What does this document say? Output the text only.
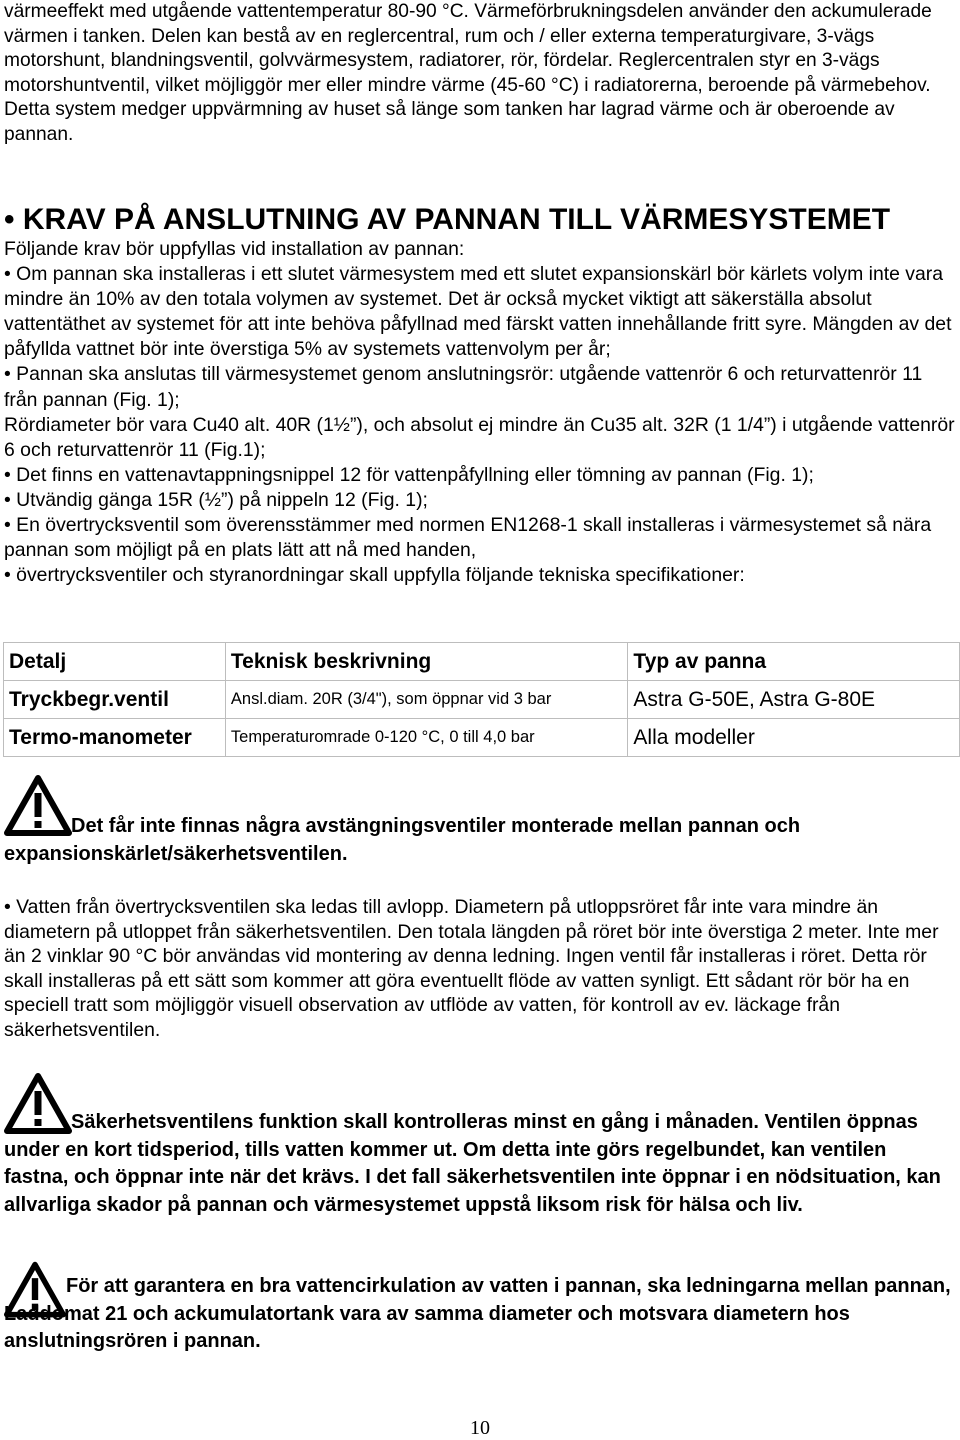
värmeeffekt med utgående vattentemperatur 80-90 °C. Värmeförbrukningsdelen använder den ackumulerade värmen i tanken. Delen kan bestå av en reglercentral, rum och / eller externa temperaturgivare, 3-vägs motorshunt, blandningsventil, golvvärmesystem, radiatorer, rör, fördelar. Reglercentralen styr en 3-vägs motorshuntventil, vilket möjliggör mer eller mindre värme (45-60 °C) i radiatorerna, beroende på värmebehov.

Detta system medger uppvärmning av huset så länge som tanken har lagrad värme och är oberoende av pannan.

• KRAV PÅ ANSLUTNING AV PANNAN TILL VÄRMESYSTEMET

Följande krav bör uppfyllas vid installation av pannan:

• Om pannan ska installeras i ett slutet värmesystem med ett slutet expansionskärl bör kärlets volym inte vara mindre än 10% av den totala volymen av systemet. Det är också mycket viktigt att säkerställa absolut vattentäthet av systemet för att inte behöva påfyllnad med färskt vatten innehållande fritt syre. Mängden av det påfyllda vattnet bör inte överstiga 5% av systemets vattenvolym per år;

• Pannan ska anslutas till värmesystemet genom anslutningsrör: utgående vattenrör 6 och returvattenrör 11 från pannan (Fig. 1);

Rördiameter bör vara Cu40 alt. 40R (1½”), och absolut ej mindre än Cu35 alt. 32R (1 1/4”) i utgående vattenrör 6 och returvattenrör 11 (Fig.1);

• Det finns en vattenavtappningsnippel 12 för vattenpåfyllning eller tömning av pannan (Fig. 1);

• Utvändig gänga 15R (½”) på nippeln 12 (Fig. 1);

• En övertrycksventil som överensstämmer med normen EN1268-1 skall installeras i värmesystemet så nära pannan som möjligt på en plats lätt att nå med handen,

• övertrycksventiler och styranordningar skall uppfylla följande tekniska specifikationer:

Detalj	Teknisk beskrivning	Typ av panna
Tryckbegr.ventil	Ansl.diam. 20R (3/4"), som öppnar vid 3 bar	Astra G-50E, Astra G-80E
Termo-manometer	Temperaturomrade 0-120 °C, 0 till 4,0 bar	Alla modeller

Det får inte finnas några avstängningsventiler monterade mellan pannan och expansionskärlet/säkerhetsventilen.

• Vatten från övertrycksventilen ska ledas till avlopp. Diametern på utloppsröret får inte vara mindre än diametern på utloppet från säkerhetsventilen. Den totala längden på röret bör inte överstiga 2 meter. Inte mer än 2 vinklar 90 °C bör användas vid montering av denna ledning. Ingen ventil får installeras i röret. Detta rör skall installeras på ett sätt som kommer att göra eventuellt flöde av vatten synligt. Ett sådant rör bör ha en speciell tratt som möjliggör visuell observation av utflöde av vatten, för kontroll av ev. läckage från säkerhetsventilen.

Säkerhetsventilens funktion skall kontrolleras minst en gång i månaden. Ventilen öppnas under en kort tidsperiod, tills vatten kommer ut. Om detta inte görs regelbundet, kan ventilen fastna, och öppnar inte när det krävs. I det fall säkerhetsventilen inte öppnar i en nödsituation, kan allvarliga skador på pannan och värmesystemet uppstå liksom risk för hälsa och liv.

För att garantera en bra vattencirkulation av vatten i pannan, ska ledningarna mellan pannan, Laddomat 21 och ackumulatortank vara av samma diameter och motsvara diametern hos anslutningsrören i pannan.

10
